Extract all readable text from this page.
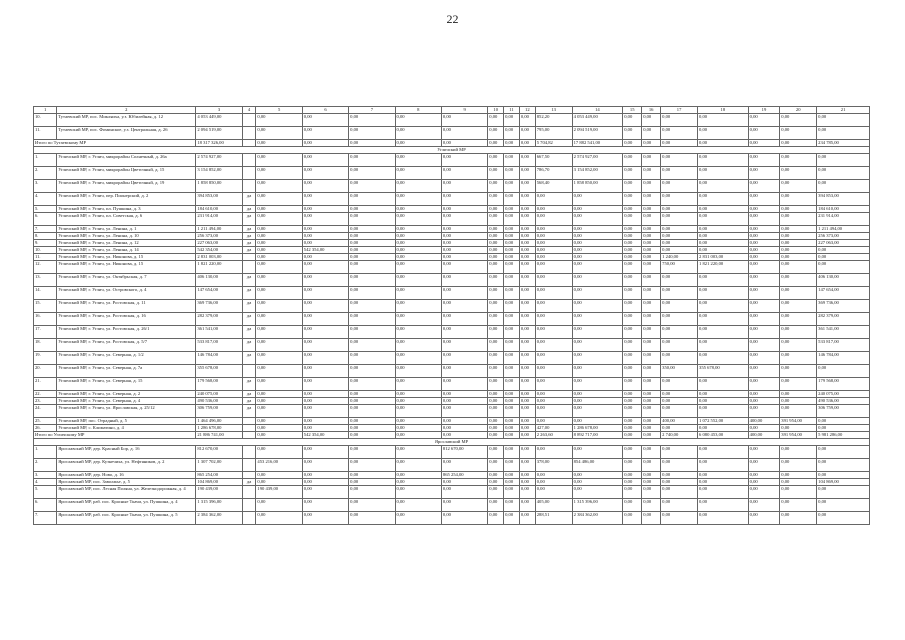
22
1	2	3	4	5	6	7	8	9	10	11	12	13	14	15	16	17	18	19	20	21
10.	Тутаевский МР, пос. Микляиха, у.з. Юбилейная, д. 12	4 053 449,00		0,00	0,00	0,00	0,00	0,00	0,00	0,00	0,00	852,20	4 053 449,00	0,00	0,00	0,00	0,00	0,00	0,00	0,00
11.	Тутаевский МР, пос. Фоминское, у.з. Центральная, д. 26	2 094 519,00		0,00	0,00	0,00	0,00	0,00	0,00	0,00	0,00	795,00	2 094 519,00	0,00	0,00	0,00	0,00	0,00	0,00	0,00
Итого по Тутаевскому МР		18 317 326,00		0,00	0,00	0,00	0,00	0,00	0,00	0,00	0,00	5 704,82	17 882 541,00	0,00	0,00	0,00	0,00	0,00	0,00	234 785,00
Угличский МР																				
1.	Угличский МР, г. Углич, микрорайон Солнечный, д. 26а	2 574 927,00		0,00	0,00	0,00	0,00	0,00	0,00	0,00	0,00	667,50	2 574 927,00	0,00	0,00	0,00	0,00	0,00	0,00	0,00
2.	Угличский МР, г. Углич, микрорайон Цветочный, д. 15	3 154 852,00		0,00	0,00	0,00	0,00	0,00	0,00	0,00	0,00	786,70	3 154 852,00	0,00	0,00	0,00	0,00	0,00	0,00	0,00
3.	Угличский МР, г. Углич, микрорайон Цветочный, д. 19	1 858 850,00		0,00	0,00	0,00	0,00	0,00	0,00	0,00	0,00	568,40	1 858 850,00	0,00	0,00	0,00	0,00	0,00	0,00	0,00
4.	Угличский МР, г. Углич, пер. Пионерский, д. 2	394 853,00	да	0,00	0,00	0,00	0,00	0,00	0,00	0,00	0,00	0,00	0,00	0,00	0,00	0,00	0,00	0,00	0,00	394 853,00
5.	Угличский МР, г. Углич, пл. Пушкина, д. 3	184 610,00	да	0,00	0,00	0,00	0,00	0,00	0,00	0,00	0,00	0,00	0,00	0,00	0,00	0,00	0,00	0,00	0,00	184 610,00
6.	Угличский МР, г. Углич, пл. Советская, д. 6	231 914,00	да	0,00	0,00	0,00	0,00	0,00	0,00	0,00	0,00	0,00	0,00	0,00	0,00	0,00	0,00	0,00	0,00	231 914,00
7.	Угличский МР, г. Углич, ул. Ленина, д. 1	1 211 494,00	да	0,00	0,00	0,00	0,00	0,00	0,00	0,00	0,00	0,00	0,00	0,00	0,00	0,00	0,00	0,00	0,00	1 211 494,00
8.	Угличский МР, г. Углич, ул. Ленина, д. 10	256 373,00	да	0,00	0,00	0,00	0,00	0,00	0,00	0,00	0,00	0,00	0,00	0,00	0,00	0,00	0,00	0,00	0,00	256 373,00
9.	Угличский МР, г. Углич, ул. Ленина, д. 12	227 063,00	да	0,00	0,00	0,00	0,00	0,00	0,00	0,00	0,00	0,00	0,00	0,00	0,00	0,00	0,00	0,00	0,00	227 063,00
10.	Угличский МР, г. Углич, ул. Ленина, д. 14	542 354,00	да	0,00	542 354,00	0,00	0,00	0,00	0,00	0,00	0,00	0,00	0,00	0,00	0,00	0,00	0,00	0,00	0,00	0,00
11.	Угличский МР, г. Углич, ул. Никонова, д. 15	2 831 003,00		0,00	0,00	0,00	0,00	0,00	0,00	0,00	0,00	0,00	0,00	0,00	0,00	1 240,00	2 831 003,00	0,00	0,00	0,00
12.	Угличский МР, г. Углич, ул. Никонова, д. 15	1 821 220,00		0,00	0,00	0,00	0,00	0,00	0,00	0,00	0,00	0,00	0,00	0,00	0,00	750,00	1 821 220,00	0,00	0,00	0,00
13.	Угличский МР, г. Углич, ул. Октябрьская, д. 7	406 130,00	да	0,00	0,00	0,00	0,00	0,00	0,00	0,00	0,00	0,00	0,00	0,00	0,00	0,00	0,00	0,00	0,00	406 130,00
14.	Угличский МР, г. Углич, ул. Островского, д. 4	147 654,00	да	0,00	0,00	0,00	0,00	0,00	0,00	0,00	0,00	0,00	0,00	0,00	0,00	0,00	0,00	0,00	0,00	147 654,00
15.	Угличский МР, г. Углич, ул. Ростовская, д. 11	369 736,00	да	0,00	0,00	0,00	0,00	0,00	0,00	0,00	0,00	0,00	0,00	0,00	0,00	0,00	0,00	0,00	0,00	369 736,00
16.	Угличский МР, г. Углич, ул. Ростовская, д. 16	282 379,00	да	0,00	0,00	0,00	0,00	0,00	0,00	0,00	0,00	0,00	0,00	0,00	0,00	0,00	0,00	0,00	0,00	282 379,00
17.	Угличский МР, г. Углич, ул. Ростовская, д. 26/1	361 541,00	да	0,00	0,00	0,00	0,00	0,00	0,00	0,00	0,00	0,00	0,00	0,00	0,00	0,00	0,00	0,00	0,00	361 541,00
18.	Угличский МР, г. Углич, ул. Ростовская, д. 5/7	533 817,00	да	0,00	0,00	0,00	0,00	0,00	0,00	0,00	0,00	0,00	0,00	0,00	0,00	0,00	0,00	0,00	0,00	533 817,00
19.	Угличский МР, г. Углич, ул. Северная, д. 1/2	146 784,00	да	0,00	0,00	0,00	0,00	0,00	0,00	0,00	0,00	0,00	0,00	0,00	0,00	0,00	0,00	0,00	0,00	146 784,00
20.	Угличский МР, г. Углич, ул. Северная, д. 7а	355 678,00		0,00	0,00	0,00	0,00	0,00	0,00	0,00	0,00	0,00	0,00	0,00	0,00	350,00	355 678,00	0,00	0,00	0,00
21.	Угличский МР, г. Углич, ул. Северная, д. 15	179 568,00	да	0,00	0,00	0,00	0,00	0,00	0,00	0,00	0,00	0,00	0,00	0,00	0,00	0,00	0,00	0,00	0,00	179 568,00
22.	Угличский МР, г. Углич, ул. Северная, д. 2	240 075,00	да	0,00	0,00	0,00	0,00	0,00	0,00	0,00	0,00	0,00	0,00	0,00	0,00	0,00	0,00	0,00	0,00	240 075,00
23.	Угличский МР, г. Углич, ул. Северная, д. 4	490 536,00	да	0,00	0,00	0,00	0,00	0,00	0,00	0,00	0,00	0,00	0,00	0,00	0,00	0,00	0,00	0,00	0,00	490 536,00
24.	Угличский МР, г. Углич, ул. Ярославская, д. 25/12	306 759,00	да	0,00	0,00	0,00	0,00	0,00	0,00	0,00	0,00	0,00	0,00	0,00	0,00	0,00	0,00	0,00	0,00	306 759,00
25.	Угличский МР, пос. Отрадный, д. 5	1 464 496,00		0,00	0,00	0,00	0,00	0,00	0,00	0,00	0,00	0,00	0,00	0,00	0,00	400,00	1 072 552,00	400,00	391 954,00	0,00
26.	Угличский МР, с. Климатино, д. 4	1 286 678,00		0,00	0,00	0,00	0,00	0,00	0,00	0,00	0,00	427,00	1 286 678,00	0,00	0,00	0,00	0,00	0,00	0,00	0,00
Итого по Угличскому МР		21 886 741,00		0,00	542 354,00	0,00	0,00	0,00	0,00	0,00	0,00	2 263,60	8 892 717,00	0,00	0,00	2 740,00	6 080 453,00	400,00	391 954,00	5 981 286,00
Ярославский МР																				
1.	Ярославский МР, дер. Красный Бор, д. 16	812 670,00		0,00	0,00	0,00	0,00	812 670,00	0,00	0,00	0,00	0,00	0,00	0,00	0,00	0,00	0,00	0,00	0,00	0,00
2.	Ярославский МР, дер. Кузнечиха, ул. Нефтяников, д. 2	1 307 702,00		453 216,00	0,00	0,00	0,00	0,00	0,00	0,00	0,00	378,00	854 486,00	0,00	0,00	0,00	0,00	0,00	0,00	0,00
3.	Ярославский МР, дер. Ново, д. 16	865 254,00		0,00	0,00	0,00	0,00	865 254,00	0,00	0,00	0,00	0,00	0,00	0,00	0,00	0,00	0,00	0,00	0,00	0,00
4.	Ярославский МР, пос. Заволжье, д. 5	104 869,00	да	0,00	0,00	0,00	0,00	0,00	0,00	0,00	0,00	0,00	0,00	0,00	0,00	0,00	0,00	0,00	0,00	104 869,00
5.	Ярославский МР, пос. Лесная Поляна, ул. Железнодорожная, д. 4	190 439,00		190 439,00	0,00	0,00	0,00	0,00	0,00	0,00	0,00	0,00	0,00	0,00	0,00	0,00	0,00	0,00	0,00	0,00
6.	Ярославский МР, раб. пос. Красные Ткачи, ул. Пушкина, д. 4	1 315 396,00		0,00	0,00	0,00	0,00	0,00	0,00	0,00	0,00	405,00	1 315 396,00	0,00	0,00	0,00	0,00	0,00	0,00	0,00
7.	Ярославский МР, раб. пос. Красные Ткачи, ул. Пушкина, д. 5	2 384 362,00		0,00	0,00	0,00	0,00	0,00	0,00	0,00	0,00	288,51	2 384 362,00	0,00	0,00	0,00	0,00	0,00	0,00	0,00
